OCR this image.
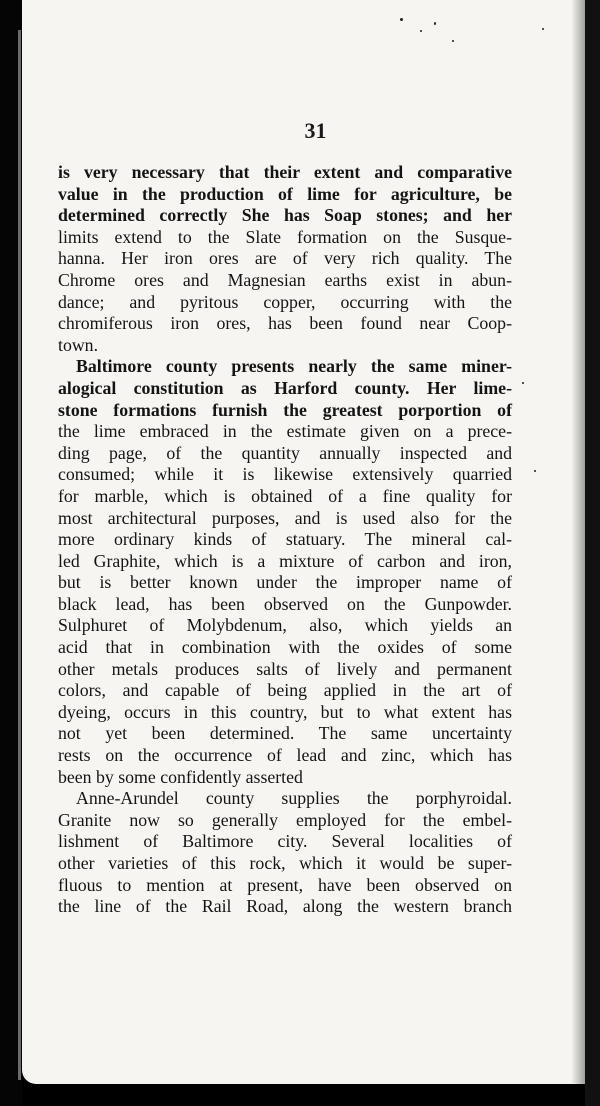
31
is very necessary that their extent and comparative
value in the production of lime for agriculture, be
determined correctly She has Soap stones; and her
limits extend to the Slate formation on the Susque-
hanna. Her iron ores are of very rich quality. The
Chrome ores and Magnesian earths exist in abun-
dance; and pyritous copper, occurring with the
chromiferous iron ores, has been found near Coop-
town.
Baltimore county presents nearly the same miner-
alogical constitution as Harford county. Her lime-
stone formations furnish the greatest porportion of
the lime embraced in the estimate given on a prece-
ding page, of the quantity annually inspected and
consumed; while it is likewise extensively quarried
for marble, which is obtained of a fine quality for
most architectural purposes, and is used also for the
more ordinary kinds of statuary. The mineral cal-
led Graphite, which is a mixture of carbon and iron,
but is better known under the improper name of
black lead, has been observed on the Gunpowder.
Sulphuret of Molybdenum, also, which yields an
acid that in combination with the oxides of some
other metals produces salts of lively and permanent
colors, and capable of being applied in the art of
dyeing, occurs in this country, but to what extent has
not yet been determined. The same uncertainty
rests on the occurrence of lead and zinc, which has
been by some confidently asserted
Anne-Arundel county supplies the porphyroidal.
Granite now so generally employed for the embel-
lishment of Baltimore city. Several localities of
other varieties of this rock, which it would be super-
fluous to mention at present, have been observed on
the line of the Rail Road, along the western branch
